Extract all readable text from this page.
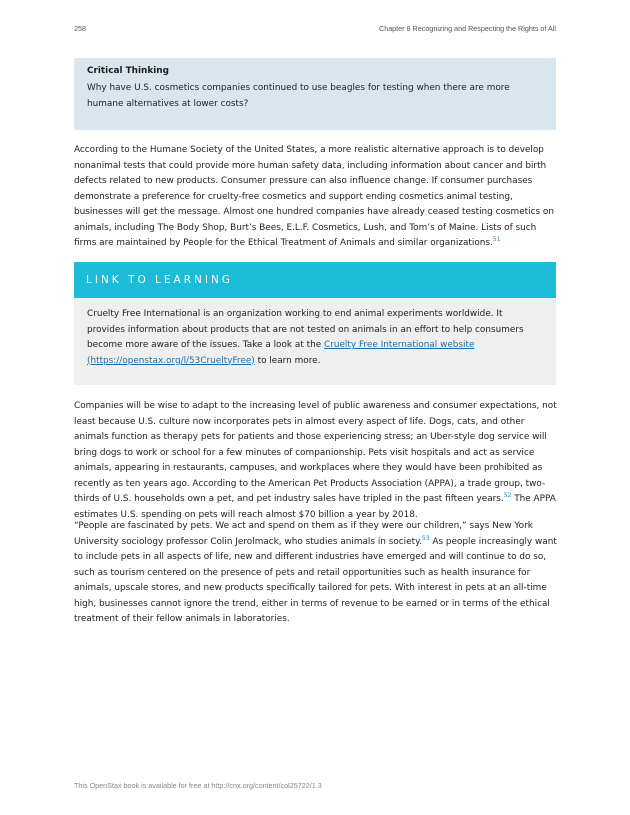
258	Chapter 8 Recognizing and Respecting the Rights of All
Critical Thinking
Why have U.S. cosmetics companies continued to use beagles for testing when there are more humane alternatives at lower costs?
According to the Humane Society of the United States, a more realistic alternative approach is to develop nonanimal tests that could provide more human safety data, including information about cancer and birth defects related to new products. Consumer pressure can also influence change. If consumer purchases demonstrate a preference for cruelty-free cosmetics and support ending cosmetics animal testing, businesses will get the message. Almost one hundred companies have already ceased testing cosmetics on animals, including The Body Shop, Burt’s Bees, E.L.F. Cosmetics, Lush, and Tom’s of Maine. Lists of such firms are maintained by People for the Ethical Treatment of Animals and similar organizations.$^{51}$
LINK TO LEARNING
Cruelty Free International is an organization working to end animal experiments worldwide. It provides information about products that are not tested on animals in an effort to help consumers become more aware of the issues. Take a look at the Cruelty Free International website (https://openstax.org/l/53CrueltyFree) to learn more.
Companies will be wise to adapt to the increasing level of public awareness and consumer expectations, not least because U.S. culture now incorporates pets in almost every aspect of life. Dogs, cats, and other animals function as therapy pets for patients and those experiencing stress; an Uber-style dog service will bring dogs to work or school for a few minutes of companionship. Pets visit hospitals and act as service animals, appearing in restaurants, campuses, and workplaces where they would have been prohibited as recently as ten years ago. According to the American Pet Products Association (APPA), a trade group, two-thirds of U.S. households own a pet, and pet industry sales have tripled in the past fifteen years.$^{52}$ The APPA estimates U.S. spending on pets will reach almost $70 billion a year by 2018.
“People are fascinated by pets. We act and spend on them as if they were our children,” says New York University sociology professor Colin Jerolmack, who studies animals in society.$^{53}$ As people increasingly want to include pets in all aspects of life, new and different industries have emerged and will continue to do so, such as tourism centered on the presence of pets and retail opportunities such as health insurance for animals, upscale stores, and new products specifically tailored for pets. With interest in pets at an all-time high, businesses cannot ignore the trend, either in terms of revenue to be earned or in terms of the ethical treatment of their fellow animals in laboratories.
This OpenStax book is available for free at http://cnx.org/content/col25722/1.3
